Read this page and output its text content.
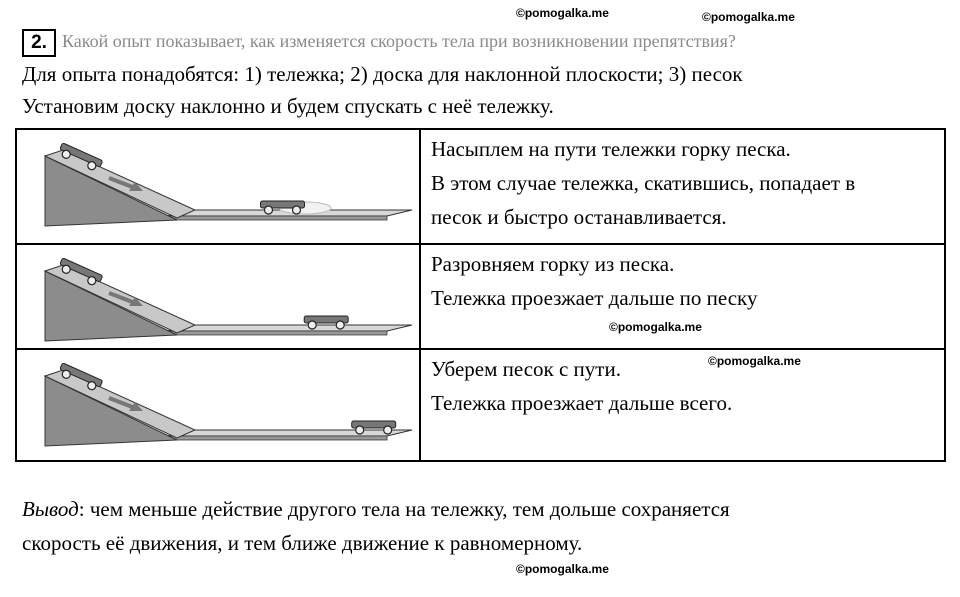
©pomogalka.me	©pomogalka.me
2. Какой опыт показывает, как изменяется скорость тела при возникновении препятствия?
Для опыта понадобятся: 1) тележка; 2) доска для наклонной плоскости; 3) песок
Установим доску наклонно и будем спускать с неё тележку.

Насыплем на пути тележки горку песка.
В этом случае тележка, скатившись, попадает в
песок и быстро останавливается.

Разровняем горку из песка.
Тележка проезжает дальше по песку

Уберем песок с пути.
Тележка проезжает дальше всего.
©pomogalka.me
©pomogalka.me
Вывод: чем меньше действие другого тела на тележку, тем дольше сохраняется
скорость её движения, и тем ближе движение к равномерному.
©pomogalka.me
